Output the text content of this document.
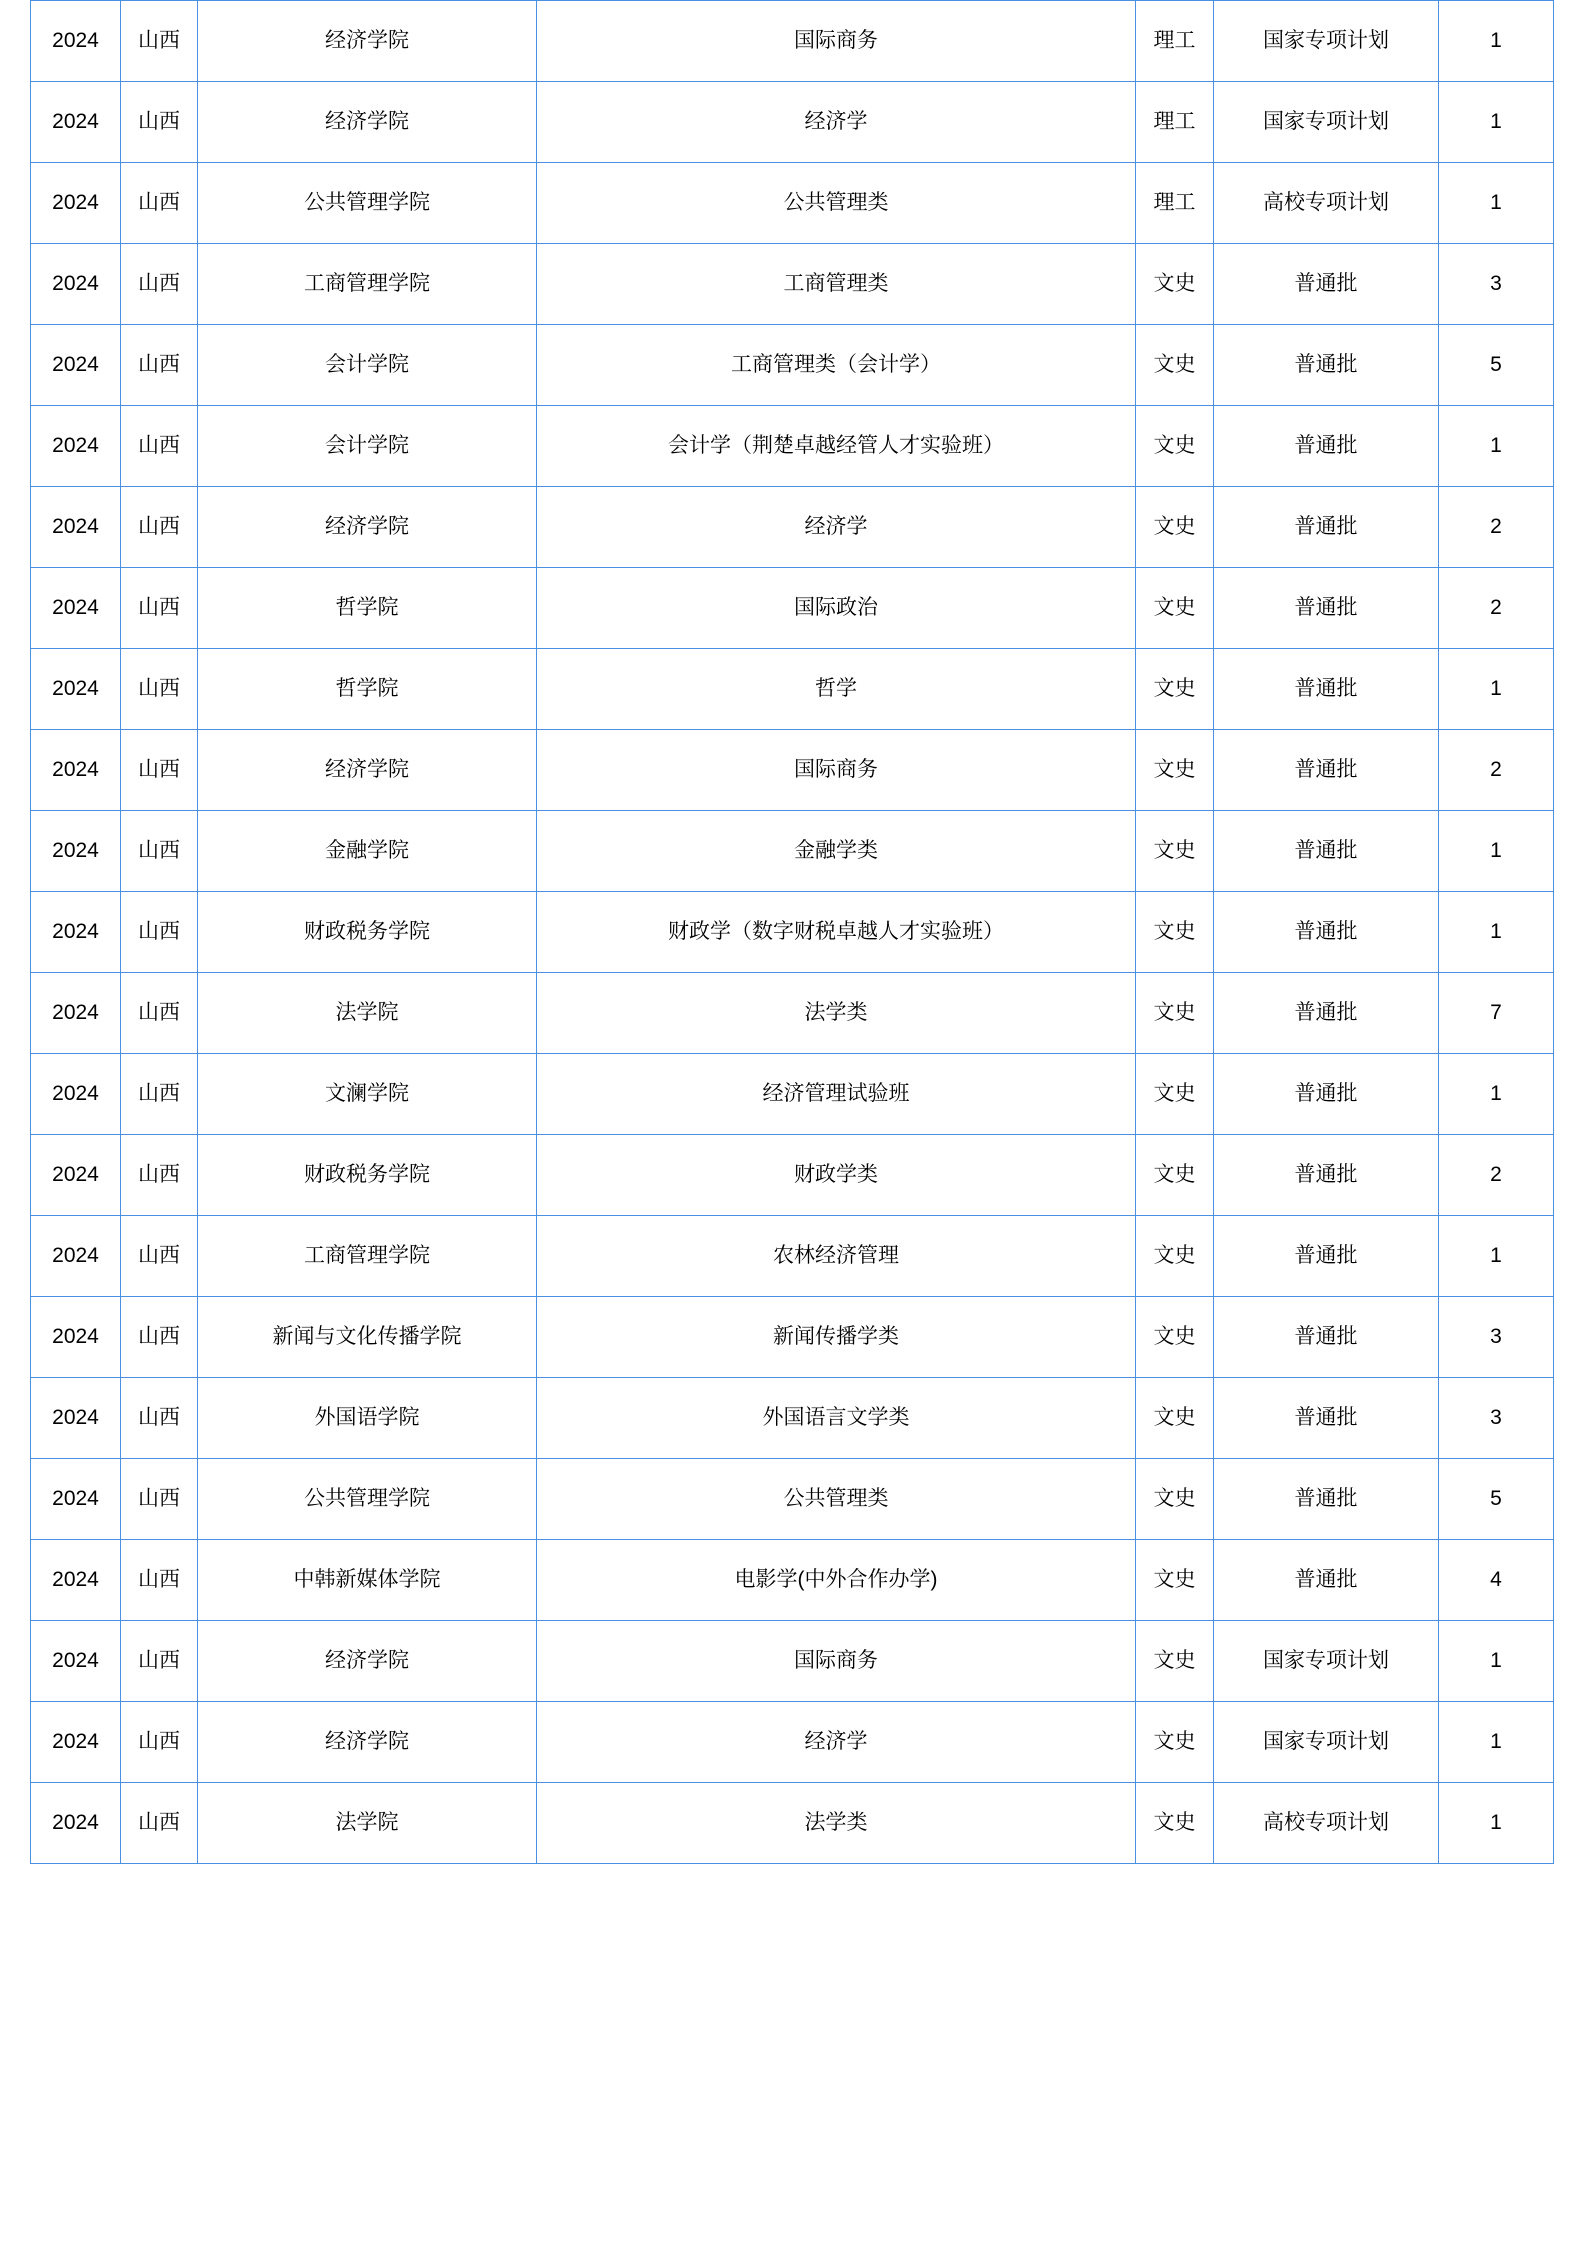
2024	山西	经济学院	国际商务	理工	国家专项计划	1
2024	山西	经济学院	经济学	理工	国家专项计划	1
2024	山西	公共管理学院	公共管理类	理工	高校专项计划	1
2024	山西	工商管理学院	工商管理类	文史	普通批	3
2024	山西	会计学院	工商管理类（会计学）	文史	普通批	5
2024	山西	会计学院	会计学（荆楚卓越经管人才实验班）	文史	普通批	1
2024	山西	经济学院	经济学	文史	普通批	2
2024	山西	哲学院	国际政治	文史	普通批	2
2024	山西	哲学院	哲学	文史	普通批	1
2024	山西	经济学院	国际商务	文史	普通批	2
2024	山西	金融学院	金融学类	文史	普通批	1
2024	山西	财政税务学院	财政学（数字财税卓越人才实验班）	文史	普通批	1
2024	山西	法学院	法学类	文史	普通批	7
2024	山西	文澜学院	经济管理试验班	文史	普通批	1
2024	山西	财政税务学院	财政学类	文史	普通批	2
2024	山西	工商管理学院	农林经济管理	文史	普通批	1
2024	山西	新闻与文化传播学院	新闻传播学类	文史	普通批	3
2024	山西	外国语学院	外国语言文学类	文史	普通批	3
2024	山西	公共管理学院	公共管理类	文史	普通批	5
2024	山西	中韩新媒体学院	电影学(中外合作办学)	文史	普通批	4
2024	山西	经济学院	国际商务	文史	国家专项计划	1
2024	山西	经济学院	经济学	文史	国家专项计划	1
2024	山西	法学院	法学类	文史	高校专项计划	1
